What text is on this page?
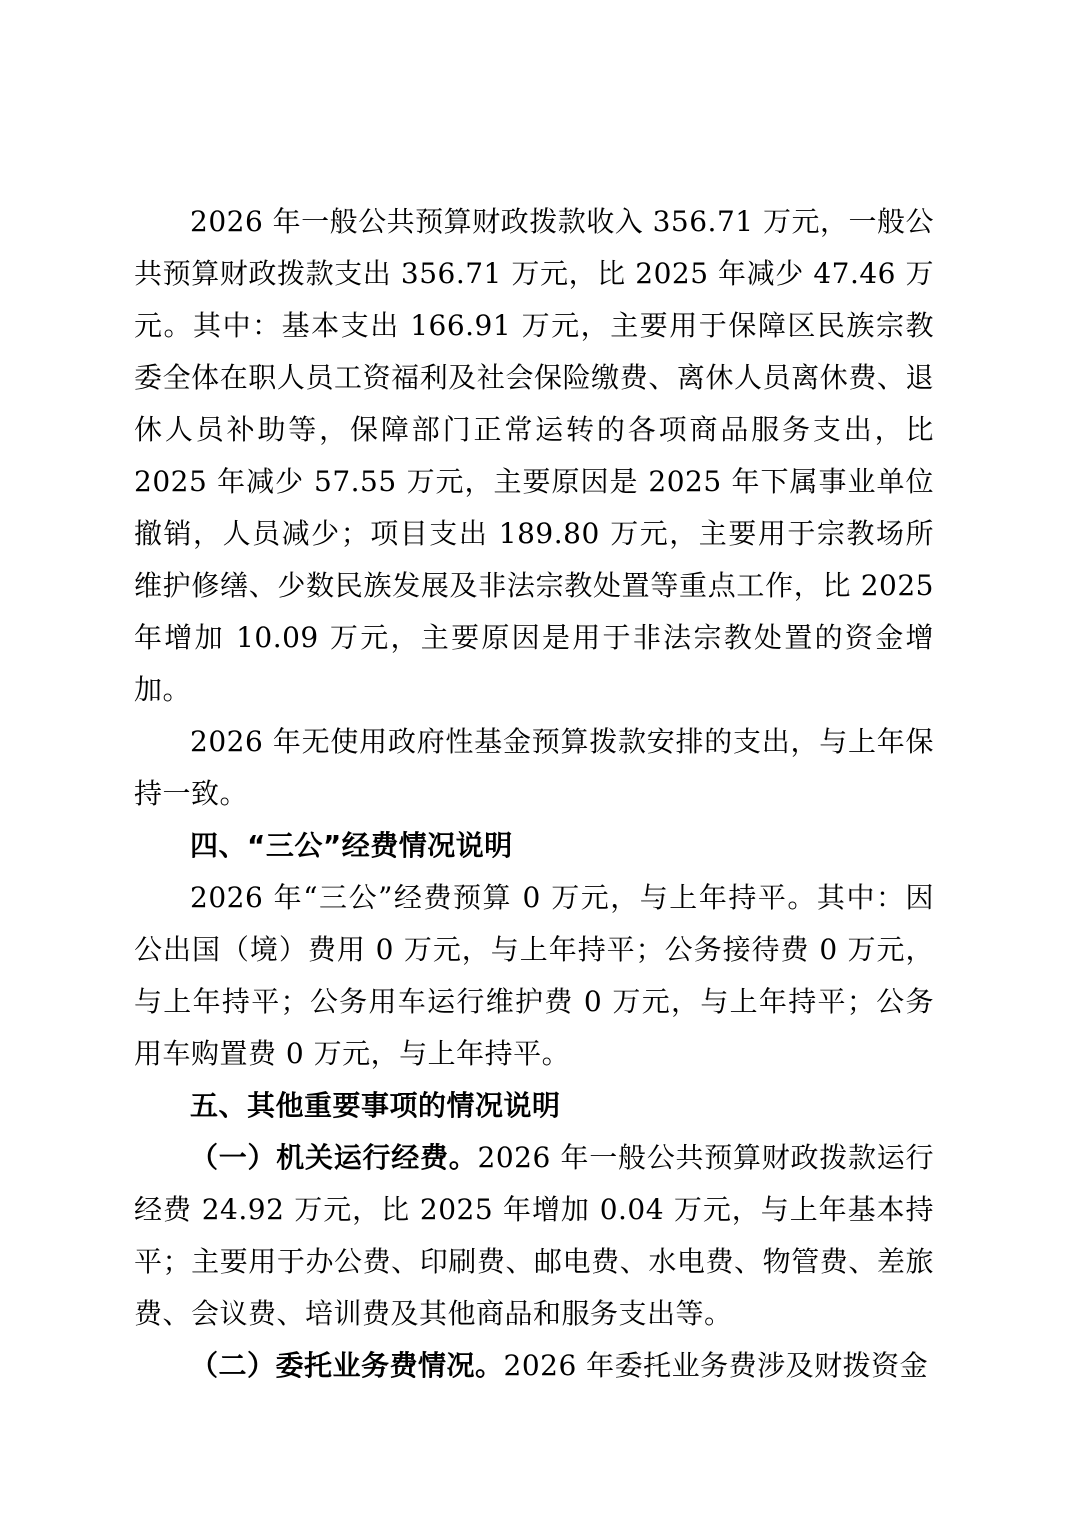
2026 年一般公共预算财政拨款收入 356.71 万元，一般公共预算财政拨款支出 356.71 万元，比 2025 年减少 47.46 万元。其中：基本支出 166.91 万元，主要用于保障区民族宗教委全体在职人员工资福利及社会保险缴费、离休人员离休费、退休人员补助等，保障部门正常运转的各项商品服务支出，比 2025 年减少 57.55 万元，主要原因是 2025 年下属事业单位撤销，人员减少；项目支出 189.80 万元，主要用于宗教场所维护修缮、少数民族发展及非法宗教处置等重点工作，比 2025 年增加 10.09 万元，主要原因是用于非法宗教处置的资金增加。

2026 年无使用政府性基金预算拨款安排的支出，与上年保持一致。

四、“三公”经费情况说明

2026 年“三公”经费预算 0 万元，与上年持平。其中：因公出国（境）费用 0 万元，与上年持平；公务接待费 0 万元，与上年持平；公务用车运行维护费 0 万元，与上年持平；公务用车购置费 0 万元，与上年持平。

五、其他重要事项的情况说明

（一）机关运行经费。2026 年一般公共预算财政拨款运行经费 24.92 万元，比 2025 年增加 0.04 万元，与上年基本持平；主要用于办公费、印刷费、邮电费、水电费、物管费、差旅费、会议费、培训费及其他商品和服务支出等。

（二）委托业务费情况。2026 年委托业务费涉及财拨资金
